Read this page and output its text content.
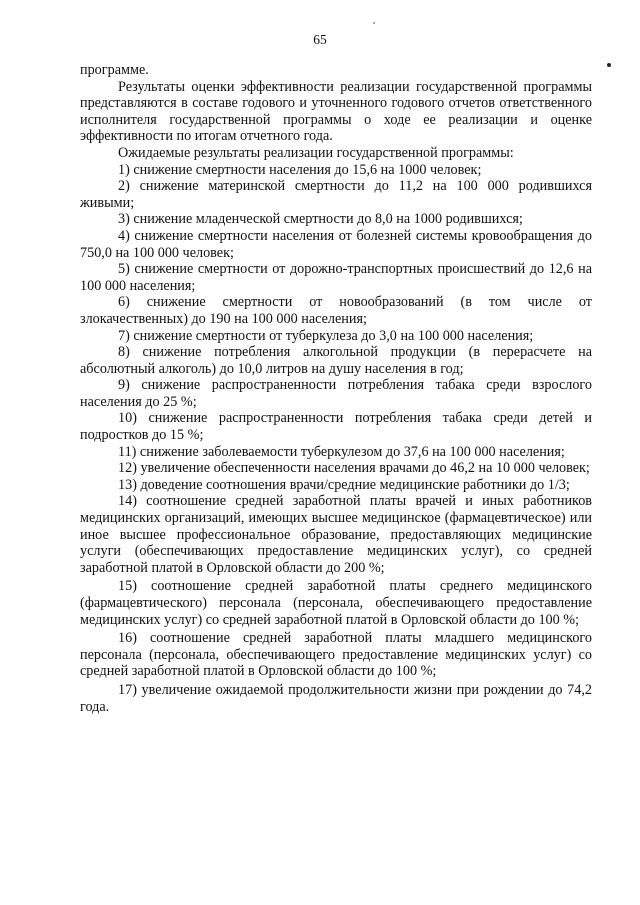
65

программе.

Результаты оценки эффективности реализации государственной программы представляются в составе годового и уточненного годового отчетов ответственного исполнителя государственной программы о ходе ее реализации и оценке эффективности по итогам отчетного года.

Ожидаемые результаты реализации государственной программы:

1) снижение смертности населения до 15,6 на 1000 человек;

2) снижение материнской смертности до 11,2 на 100 000 родившихся живыми;

3) снижение младенческой смертности до 8,0 на 1000 родившихся;

4) снижение смертности населения от болезней системы кровообращения до 750,0 на 100 000 человек;

5) снижение смертности от дорожно-транспортных происшествий до 12,6 на 100 000 населения;

6) снижение смертности от новообразований (в том числе от злокачественных) до 190 на 100 000 населения;

7) снижение смертности от туберкулеза до 3,0 на 100 000 населения;

8) снижение потребления алкогольной продукции (в перерасчете на абсолютный алкоголь) до 10,0 литров на душу населения в год;

9) снижение распространенности потребления табака среди взрослого населения до 25 %;

10) снижение распространенности потребления табака среди детей и подростков до 15 %;

11) снижение заболеваемости туберкулезом до 37,6 на 100 000 населения;

12) увеличение обеспеченности населения врачами до 46,2 на 10 000 человек;

13) доведение соотношения врачи/средние медицинские работники до 1/3;

14) соотношение средней заработной платы врачей и иных работников медицинских организаций, имеющих высшее медицинское (фармацевтическое) или иное высшее профессиональное образование, предоставляющих медицинские услуги (обеспечивающих предоставление медицинских услуг), со средней заработной платой в Орловской области до 200 %;

15) соотношение средней заработной платы среднего медицинского (фармацевтического) персонала (персонала, обеспечивающего предоставление медицинских услуг) со средней заработной платой в Орловской области до 100 %;

16) соотношение средней заработной платы младшего медицинского персонала (персонала, обеспечивающего предоставление медицинских услуг) со средней заработной платой в Орловской области до 100 %;

17) увеличение ожидаемой продолжительности жизни при рождении до 74,2 года.
